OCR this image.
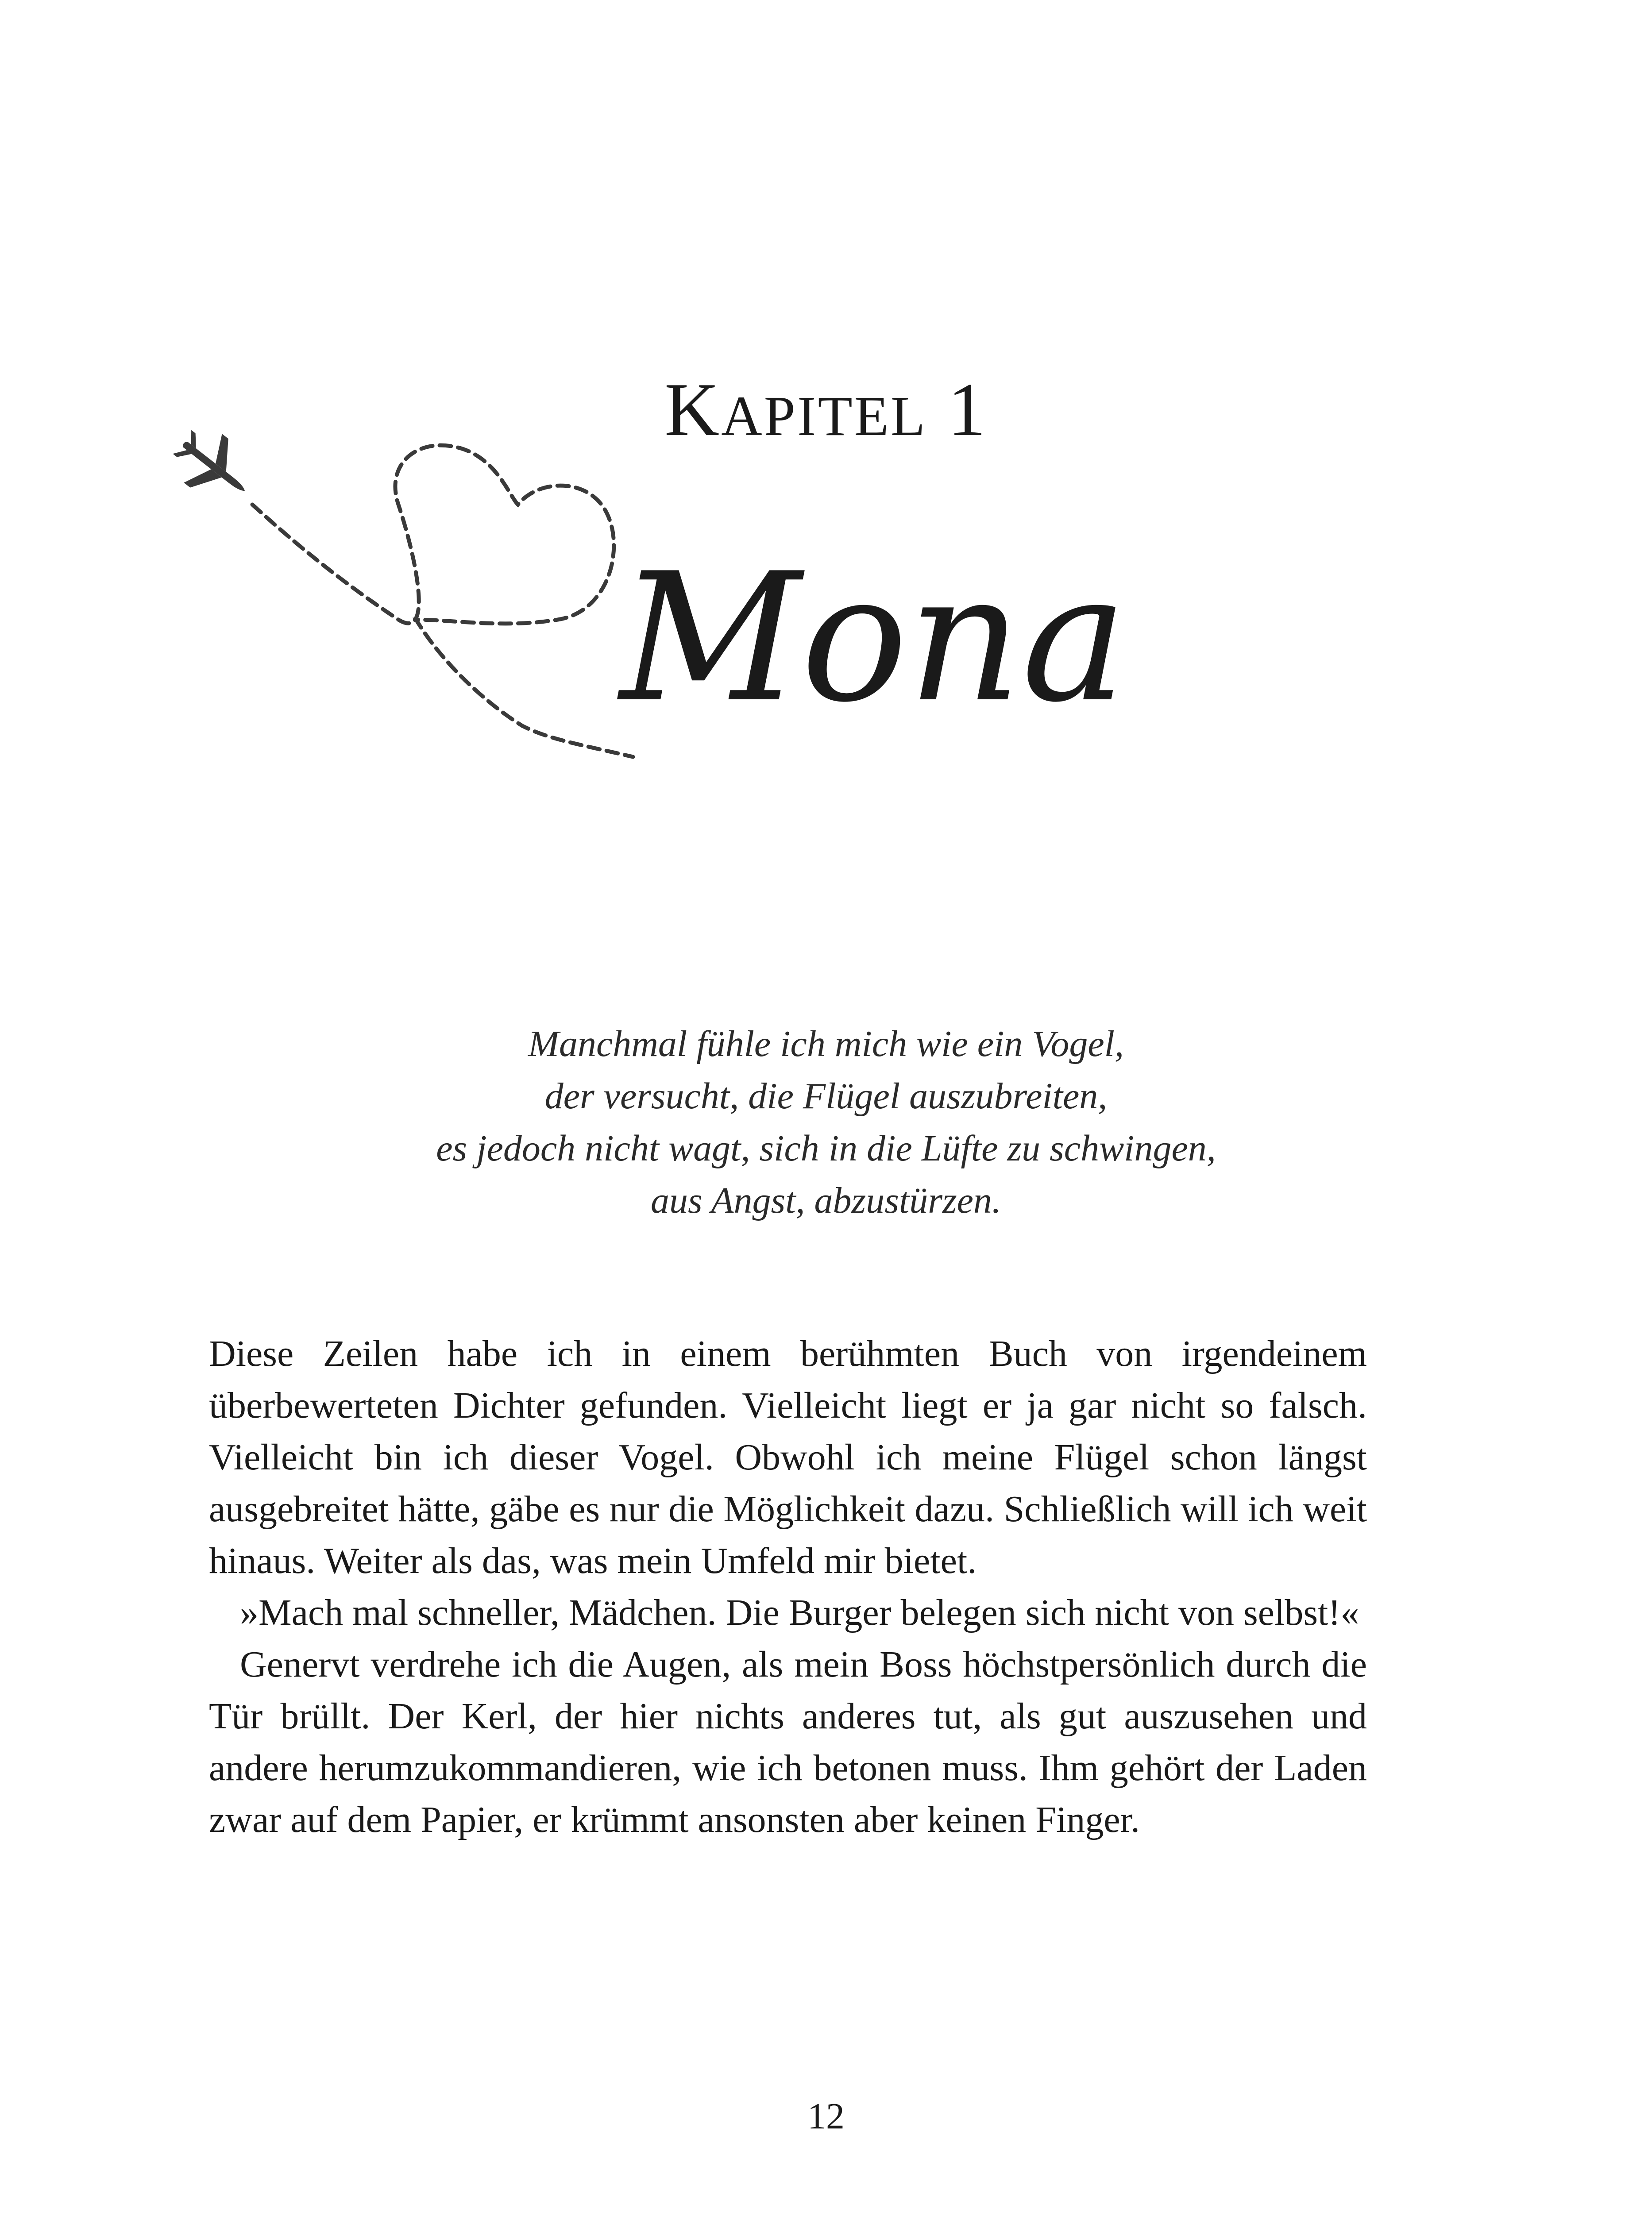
KAPITEL 1
Mona
Manchmal fühle ich mich wie ein Vogel,
der versucht, die Flügel auszubreiten,
es jedoch nicht wagt, sich in die Lüfte zu schwingen,
aus Angst, abzustürzen.

Diese Zeilen habe ich in einem berühmten Buch von irgendeinem überbewerteten Dichter gefunden. Vielleicht liegt er ja gar nicht so falsch. Vielleicht bin ich dieser Vogel. Obwohl ich meine Flügel schon längst ausgebreitet hätte, gäbe es nur die Möglichkeit dazu. Schließlich will ich weit hinaus. Weiter als das, was mein Umfeld mir bietet.

»Mach mal schneller, Mädchen. Die Burger belegen sich nicht von selbst!«

Genervt verdrehe ich die Augen, als mein Boss höchstpersönlich durch die Tür brüllt. Der Kerl, der hier nichts anderes tut, als gut auszusehen und andere herumzukommandieren, wie ich betonen muss. Ihm gehört der Laden zwar auf dem Papier, er krümmt ansonsten aber keinen Finger.

12
